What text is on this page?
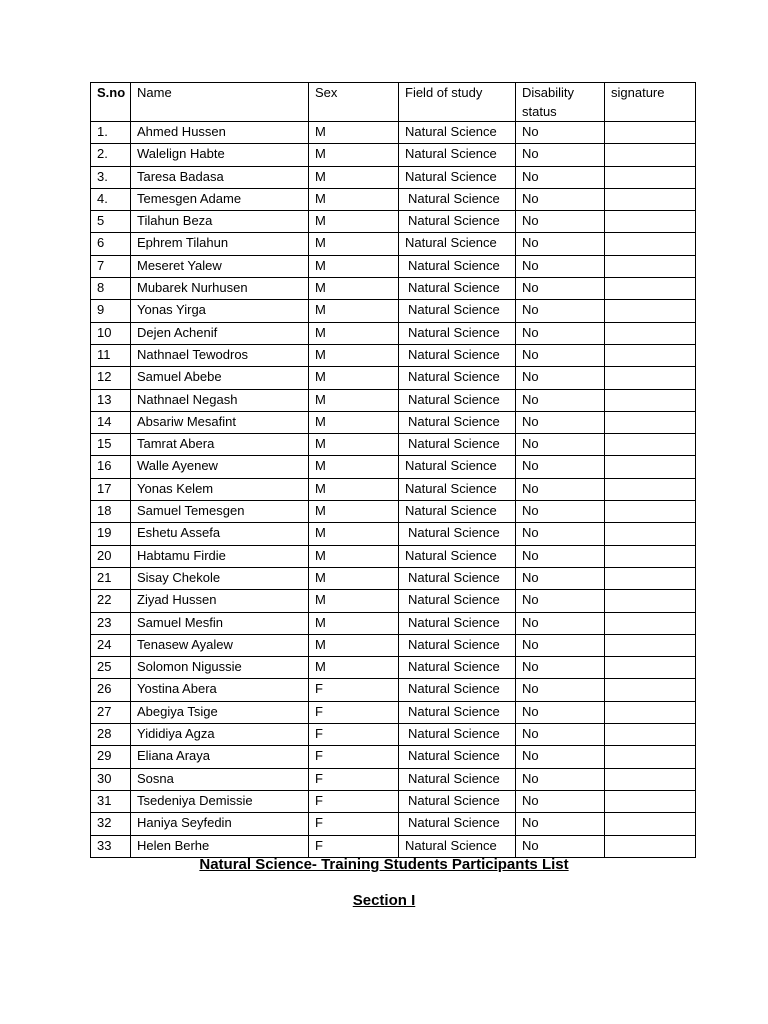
S.no	Name	Sex	Field of study	Disability status	signature
1.	Ahmed Hussen	M	Natural Science	No	
2.	Walelign Habte	M	Natural Science	No	
3.	Taresa Badasa	M	Natural Science	No	
4.	Temesgen Adame	M	Natural Science	No	
5	Tilahun Beza	M	Natural Science	No	
6	Ephrem Tilahun	M	Natural Science	No	
7	Meseret Yalew	M	Natural Science	No	
8	Mubarek Nurhusen	M	Natural Science	No	
9	Yonas Yirga	M	Natural Science	No	
10	Dejen Achenif	M	Natural Science	No	
11	Nathnael Tewodros	M	Natural Science	No	
12	Samuel Abebe	M	Natural Science	No	
13	Nathnael Negash	M	Natural Science	No	
14	Absariw Mesafint	M	Natural Science	No	
15	Tamrat Abera	M	Natural Science	No	
16	Walle Ayenew	M	Natural Science	No	
17	Yonas Kelem	M	Natural Science	No	
18	Samuel Temesgen	M	Natural Science	No	
19	Eshetu Assefa	M	Natural Science	No	
20	Habtamu Firdie	M	Natural Science	No	
21	Sisay Chekole	M	Natural Science	No	
22	Ziyad Hussen	M	Natural Science	No	
23	Samuel Mesfin	M	Natural Science	No	
24	Tenasew Ayalew	M	Natural Science	No	
25	Solomon Nigussie	M	Natural Science	No	
26	Yostina Abera	F	Natural Science	No	
27	Abegiya Tsige	F	Natural Science	No	
28	Yididiya Agza	F	Natural Science	No	
29	Eliana Araya	F	Natural Science	No	
30	Sosna	F	Natural Science	No	
31	Tsedeniya Demissie	F	Natural Science	No	
32	Haniya Seyfedin	F	Natural Science	No	
33	Helen Berhe	F	Natural Science	No	
Natural Science- Training Students Participants List
Section I
